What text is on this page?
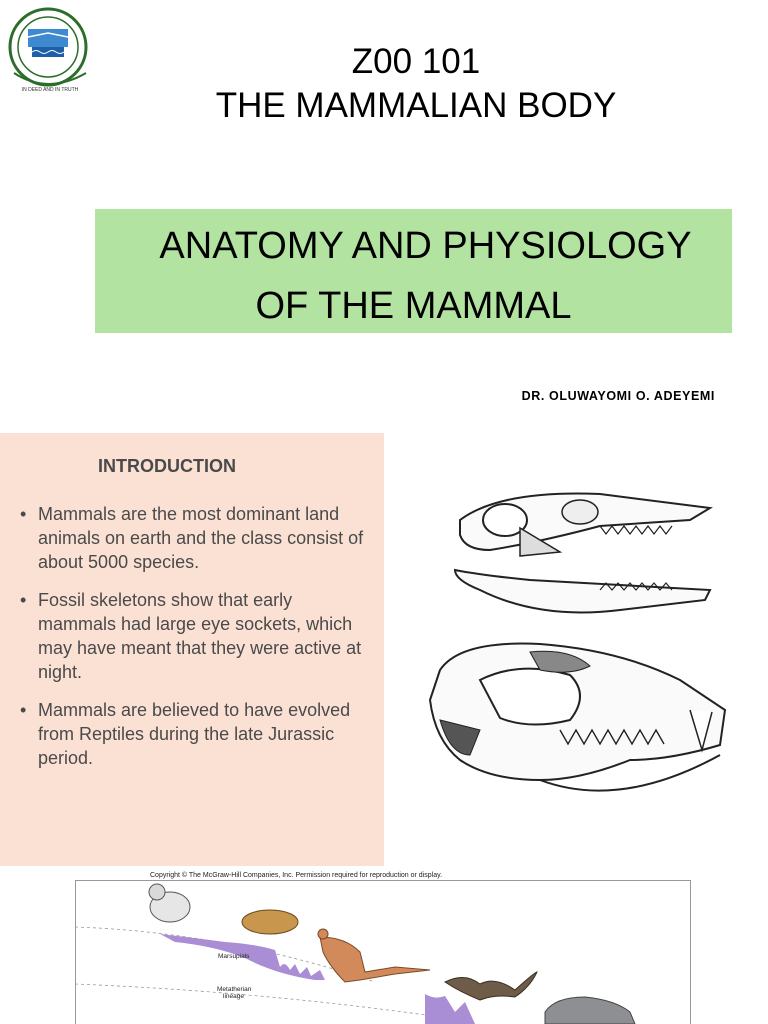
IN DEED AND IN TRUTH
Z00 101
THE MAMMALIAN BODY
ANATOMY AND PHYSIOLOGY
OF THE MAMMAL
DR. OLUWAYOMI O. ADEYEMI
INTRODUCTION
• Mammals are the most dominant land animals on earth and the class consist of about 5000 species.
• Fossil skeletons show that early mammals had large eye sockets, which may have meant that they were active at night.
• Mammals are believed to have evolved from Reptiles during the late Jurassic period.
Copyright © The McGraw-Hill Companies, Inc. Permission required for reproduction or display.
Marsupials
Metatherian
lineage
